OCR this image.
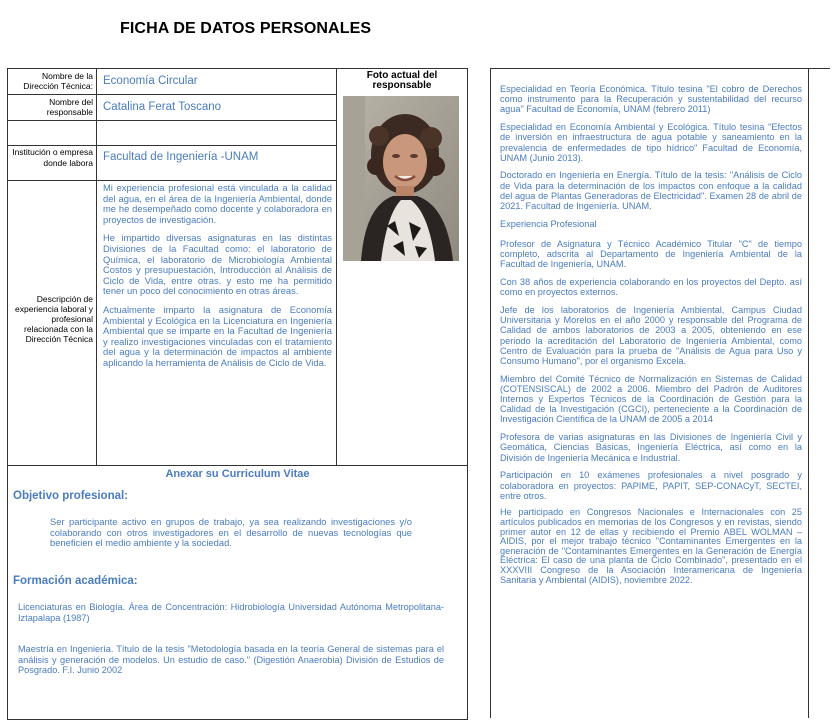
FICHA DE DATOS PERSONALES
Foto actual del responsable
Nombre de la Dirección Técnica:
Nombre del responsable
Institución o empresa donde labora
Descripción de experiencia laboral y profesional relacionada con la Dirección Técnica
Economía Circular
Catalina Ferat Toscano
Facultad de Ingeniería -UNAM

Mi experiencia profesional está vinculada a la calidad del agua, en el área de la Ingeniería Ambiental, donde me he desempeñado como docente y colaboradora en proyectos de investigación.

He impartido diversas asignaturas en las distintas Divisiones de la Facultad como: el laboratorio de Química, el laboratorio de Microbiología Ambiental Costos y presupuestación, Introducción al Análisis de Ciclo de Vida, entre otras. y esto me ha permitido tener un poco del conocimiento en otras áreas.

Actualmente imparto la asignatura de Economía Ambiental y Ecológica en la Licenciatura en Ingeniería Ambiental que se imparte en la Facultad de Ingeniería y realizo investigaciones vinculadas con el tratamiento del agua y la determinación de impactos al ambiente aplicando la herramienta de Análisis de Ciclo de Vida.

Anexar su Curriculum Vitae
Objetivo profesional:
Ser participante activo en grupos de trabajo, ya sea realizando investigaciones y/o colaborando con otros investigadores en el desarrollo de nuevas tecnologías que beneficien el medio ambiente y la sociedad.
Formación académica:
Licenciaturas en Biología. Área de Concentración: Hidrobiología Universidad Autónoma Metropolitana-Iztapalapa (1987)
Maestría en Ingeniería. Título de la tesis "Metodología basada en la teoría General de sistemas para el análisis y generación de modelos. Un estudio de caso." (Digestión Anaerobia) División de Estudios de Posgrado. F.I. Junio 2002

Especialidad en Teoría Económica. Título tesina "El cobro de Derechos como instrumento para la Recuperación y sustentabilidad del recurso agua" Facultad de Economía, UNAM (febrero 2011)

Especialidad en Economía Ambiental y Ecológica. Título tesina "Efectos de inversión en infraestructura de agua potable y saneamiento en la prevalencia de enfermedades de tipo hídrico" Facultad de Economía, UNAM (Junio 2013).

Doctorado en Ingeniería en Energía. Título de la tesis: "Análisis de Ciclo de Vida para la determinación de los impactos con enfoque a la calidad del agua de Plantas Generadoras de Electricidad". Examen 28 de abril de 2021. Facultad de Ingeniería. UNAM.

Experiencia Profesional

Profesor de Asignatura y Técnico Académico Titular "C" de tiempo completo, adscrita al Departamento de Ingeniería Ambiental de la Facultad de Ingeniería, UNAM.

Con 38 años de experiencia colaborando en los proyectos del Depto. así como en proyectos externos.

Jefe de los laboratorios de Ingeniería Ambiental, Campus Ciudad Universitaria y Morelos en el año 2000 y responsable del Programa de Calidad de ambos laboratorios de 2003 a 2005, obteniendo en ese periodo la acreditación del Laboratorio de Ingeniería Ambiental, como Centro de Evaluación para la prueba de "Análisis de Agua para Uso y Consumo Humano", por el organismo Excela.

Miembro del Comité Técnico de Normalización en Sistemas de Calidad (COTENSISCAL) de 2002 a 2006. Miembro del Padrón de Auditores Internos y Expertos Técnicos de la Coordinación de Gestión para la Calidad de la Investigación (CGCI), perteneciente a la Coordinación de Investigación Científica de la UNAM de 2005 a 2014

Profesora de varias asignaturas en las Divisiones de Ingeniería Civil y Geomática, Ciencias Básicas, Ingeniería Eléctrica, así como en la División de Ingeniería Mecánica e Industrial.

Participación en 10 exámenes profesionales a nivel posgrado y colaboradora en proyectos: PAPIME, PAPIT, SEP-CONACyT, SECTEI, entre otros.

He participado en Congresos Nacionales e Internacionales con 25 artículos publicados en memorias de los Congresos y en revistas, siendo primer autor en 12 de ellas y recibiendo el Premio ABEL WOLMAN – AIDIS, por el mejor trabajo técnico "Contaminantes Emergentes en la generación de "Contaminantes Emergentes en la Generación de Energía Eléctrica: El caso de una planta de Ciclo Combinado", presentado en el XXXVIII Congreso de la Asociación Interamericana de Ingeniería Sanitaria y Ambiental (AIDIS), noviembre 2022.
